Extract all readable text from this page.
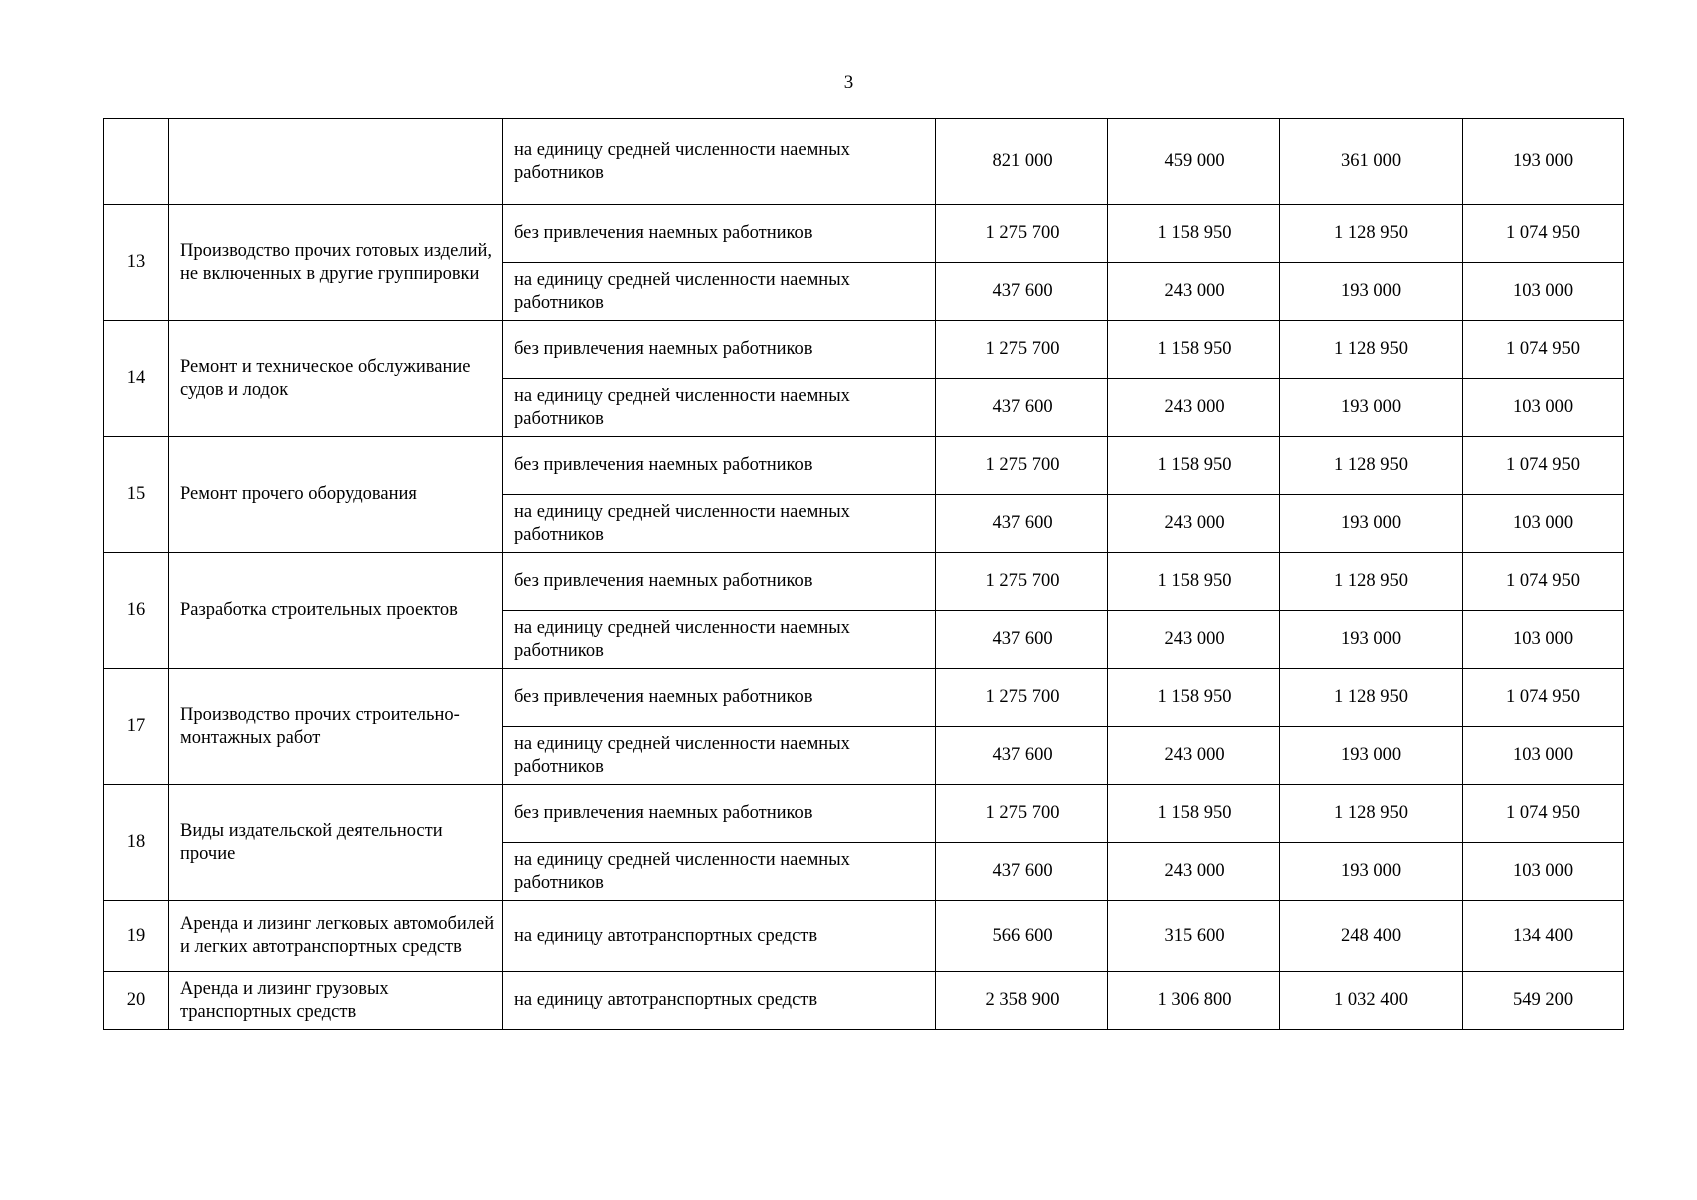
3
		на единицу средней численности наемных работников	821 000	459 000	361 000	193 000
13	Производство прочих готовых изделий, не включенных в другие группировки	без привлечения наемных работников	1 275 700	1 158 950	1 128 950	1 074 950
		на единицу средней численности наемных работников	437 600	243 000	193 000	103 000
14	Ремонт и техническое обслуживание судов и лодок	без привлечения наемных работников	1 275 700	1 158 950	1 128 950	1 074 950
		на единицу средней численности наемных работников	437 600	243 000	193 000	103 000
15	Ремонт прочего оборудования	без привлечения наемных работников	1 275 700	1 158 950	1 128 950	1 074 950
		на единицу средней численности наемных работников	437 600	243 000	193 000	103 000
16	Разработка строительных проектов	без привлечения наемных работников	1 275 700	1 158 950	1 128 950	1 074 950
		на единицу средней численности наемных работников	437 600	243 000	193 000	103 000
17	Производство прочих строительно-монтажных работ	без привлечения наемных работников	1 275 700	1 158 950	1 128 950	1 074 950
		на единицу средней численности наемных работников	437 600	243 000	193 000	103 000
18	Виды издательской деятельности прочие	без привлечения наемных работников	1 275 700	1 158 950	1 128 950	1 074 950
		на единицу средней численности наемных работников	437 600	243 000	193 000	103 000
19	Аренда и лизинг легковых автомобилей и легких автотранспортных средств	на единицу автотранспортных средств	566 600	315 600	248 400	134 400
20	Аренда и лизинг грузовых транспортных средств	на единицу автотранспортных средств	2 358 900	1 306 800	1 032 400	549 200
